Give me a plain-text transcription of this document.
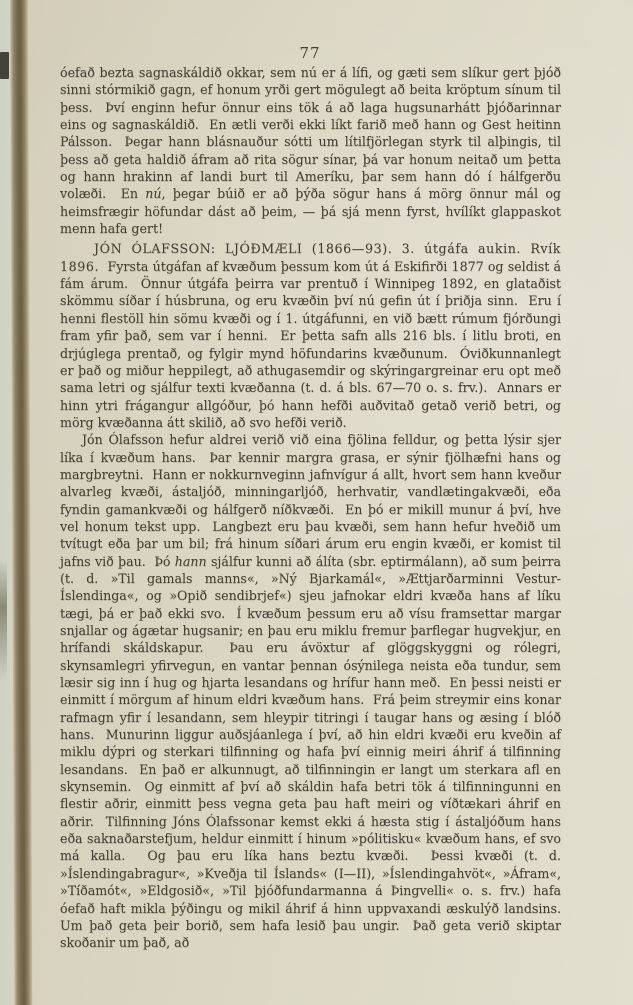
77

óefað bezta sagnaskáldið okkar, sem nú er á lífi, og gæti sem slíkur gert þjóð sinni stórmikið gagn, ef honum yrði gert mögulegt að beita kröptum sínum til þess.  Því enginn hefur önnur eins tök á að laga hugsunarhátt þjóðarinnar eins og sagnaskáldið.  En ætli verði ekki líkt farið með hann og Gest heitinn Pálsson.  Þegar hann blásnauður sótti um lítilfjörlegan styrk til alþingis, til þess að geta haldið áfram að rita sögur sínar, þá var honum neitað um þetta og hann hrakinn af landi burt til Ameríku, þar sem hann dó í hálfgerðu volæði.  En nú, þegar búið er að þýða sögur hans á mörg önnur mál og heimsfrægir höfundar dást að þeim, — þá sjá menn fyrst, hvílíkt glappaskot menn hafa gert!

JÓN ÓLAFSSON: LJÓÐMÆLI (1866—93). 3. útgáfa aukin. Rvík 1896.  Fyrsta útgáfan af kvæðum þessum kom út á Eskifirði 1877 og seldist á fám árum.  Önnur útgáfa þeirra var prentuð í Winnipeg 1892, en glataðist skömmu síðar í húsbruna, og eru kvæðin því nú gefin út í þriðja sinn.  Eru í henni flestöll hin sömu kvæði og í 1. útgáfunni, en við bætt rúmum fjórðungi fram yfir það, sem var í henni.  Er þetta safn alls 216 bls. í litlu broti, en drjúglega prentað, og fylgir mynd höfundarins kvæðunum.  Óviðkunnanlegt er það og miður heppilegt, að athugasemdir og skýringargreinar eru opt með sama letri og sjálfur texti kvæðanna (t. d. á bls. 67—70 o. s. frv.).  Annars er hinn ytri frágangur allgóður, þó hann hefði auðvitað getað verið betri, og mörg kvæðanna átt skilið, að svo hefði verið.

Jón Ólafsson hefur aldrei verið við eina fjölina felldur, og þetta lýsir sjer líka í kvæðum hans.  Þar kennir margra grasa, er sýnir fjölhæfni hans og margbreytni.  Hann er nokkurnveginn jafnvígur á allt, hvort sem hann kveður alvarleg kvæði, ástaljóð, minningarljóð, herhvatir, vandlætingakvæði, eða fyndin gamankvæði og hálfgerð níðkvæði.  En þó er mikill munur á því, hve vel honum tekst upp.  Langbezt eru þau kvæði, sem hann hefur hveðið um tvítugt eða þar um bil; frá hinum síðari árum eru engin kvæði, er komist til jafns við þau.  Þó hann sjálfur kunni að álíta (sbr. eptirmálann), að sum þeirra (t. d. »Til gamals manns«, »Ný Bjarkamál«, »Ættjarðarminni Vestur-Íslendinga«, og »Opið sendibrjef«) sjeu jafnokar eldri kvæða hans af líku tægi, þá er það ekki svo.  Í kvæðum þessum eru að vísu framsettar margar snjallar og ágætar hugsanir; en þau eru miklu fremur þarflegar hugvekjur, en hrífandi skáldskapur.  Þau eru ávöxtur af glöggskyggni og rólegri, skynsamlegri yfirvegun, en vantar þennan ósýnilega neista eða tundur, sem læsir sig inn í hug og hjarta lesandans og hrífur hann með.  En þessi neisti er einmitt í mörgum af hinum eldri kvæðum hans.  Frá þeim streymir eins konar rafmagn yfir í lesandann, sem hleypir titringi í taugar hans og æsing í blóð hans.  Munurinn liggur auðsjáanlega í því, að hin eldri kvæði eru kveðin af miklu dýpri og sterkari tilfinning og hafa því einnig meiri áhrif á tilfinning lesandans.  En það er alkunnugt, að tilfinningin er langt um sterkara afl en skynsemin.  Og einmitt af því að skáldin hafa betri tök á tilfinningunni en flestir aðrir, einmitt þess vegna geta þau haft meiri og víðtækari áhrif en aðrir.  Tilfinning Jóns Ólafssonar kemst ekki á hæsta stig í ástaljóðum hans eða saknaðarstefjum, heldur einmitt í hinum »pólitisku« kvæðum hans, ef svo má kalla.  Og þau eru líka hans beztu kvæði.  Þessi kvæði (t. d. »Íslendingabragur«, »Kveðja til Íslands« (I—II), »Íslendingahvöt«, »Áfram«, »Tíðamót«, »Eldgosið«, »Til þjóðfundarmanna á Þingvelli« o. s. frv.) hafa óefað haft mikla þýðingu og mikil áhrif á hinn uppvaxandi æskulýð landsins.  Um það geta þeir borið, sem hafa lesið þau ungir.  Það geta verið skiptar skoðanir um það, að
